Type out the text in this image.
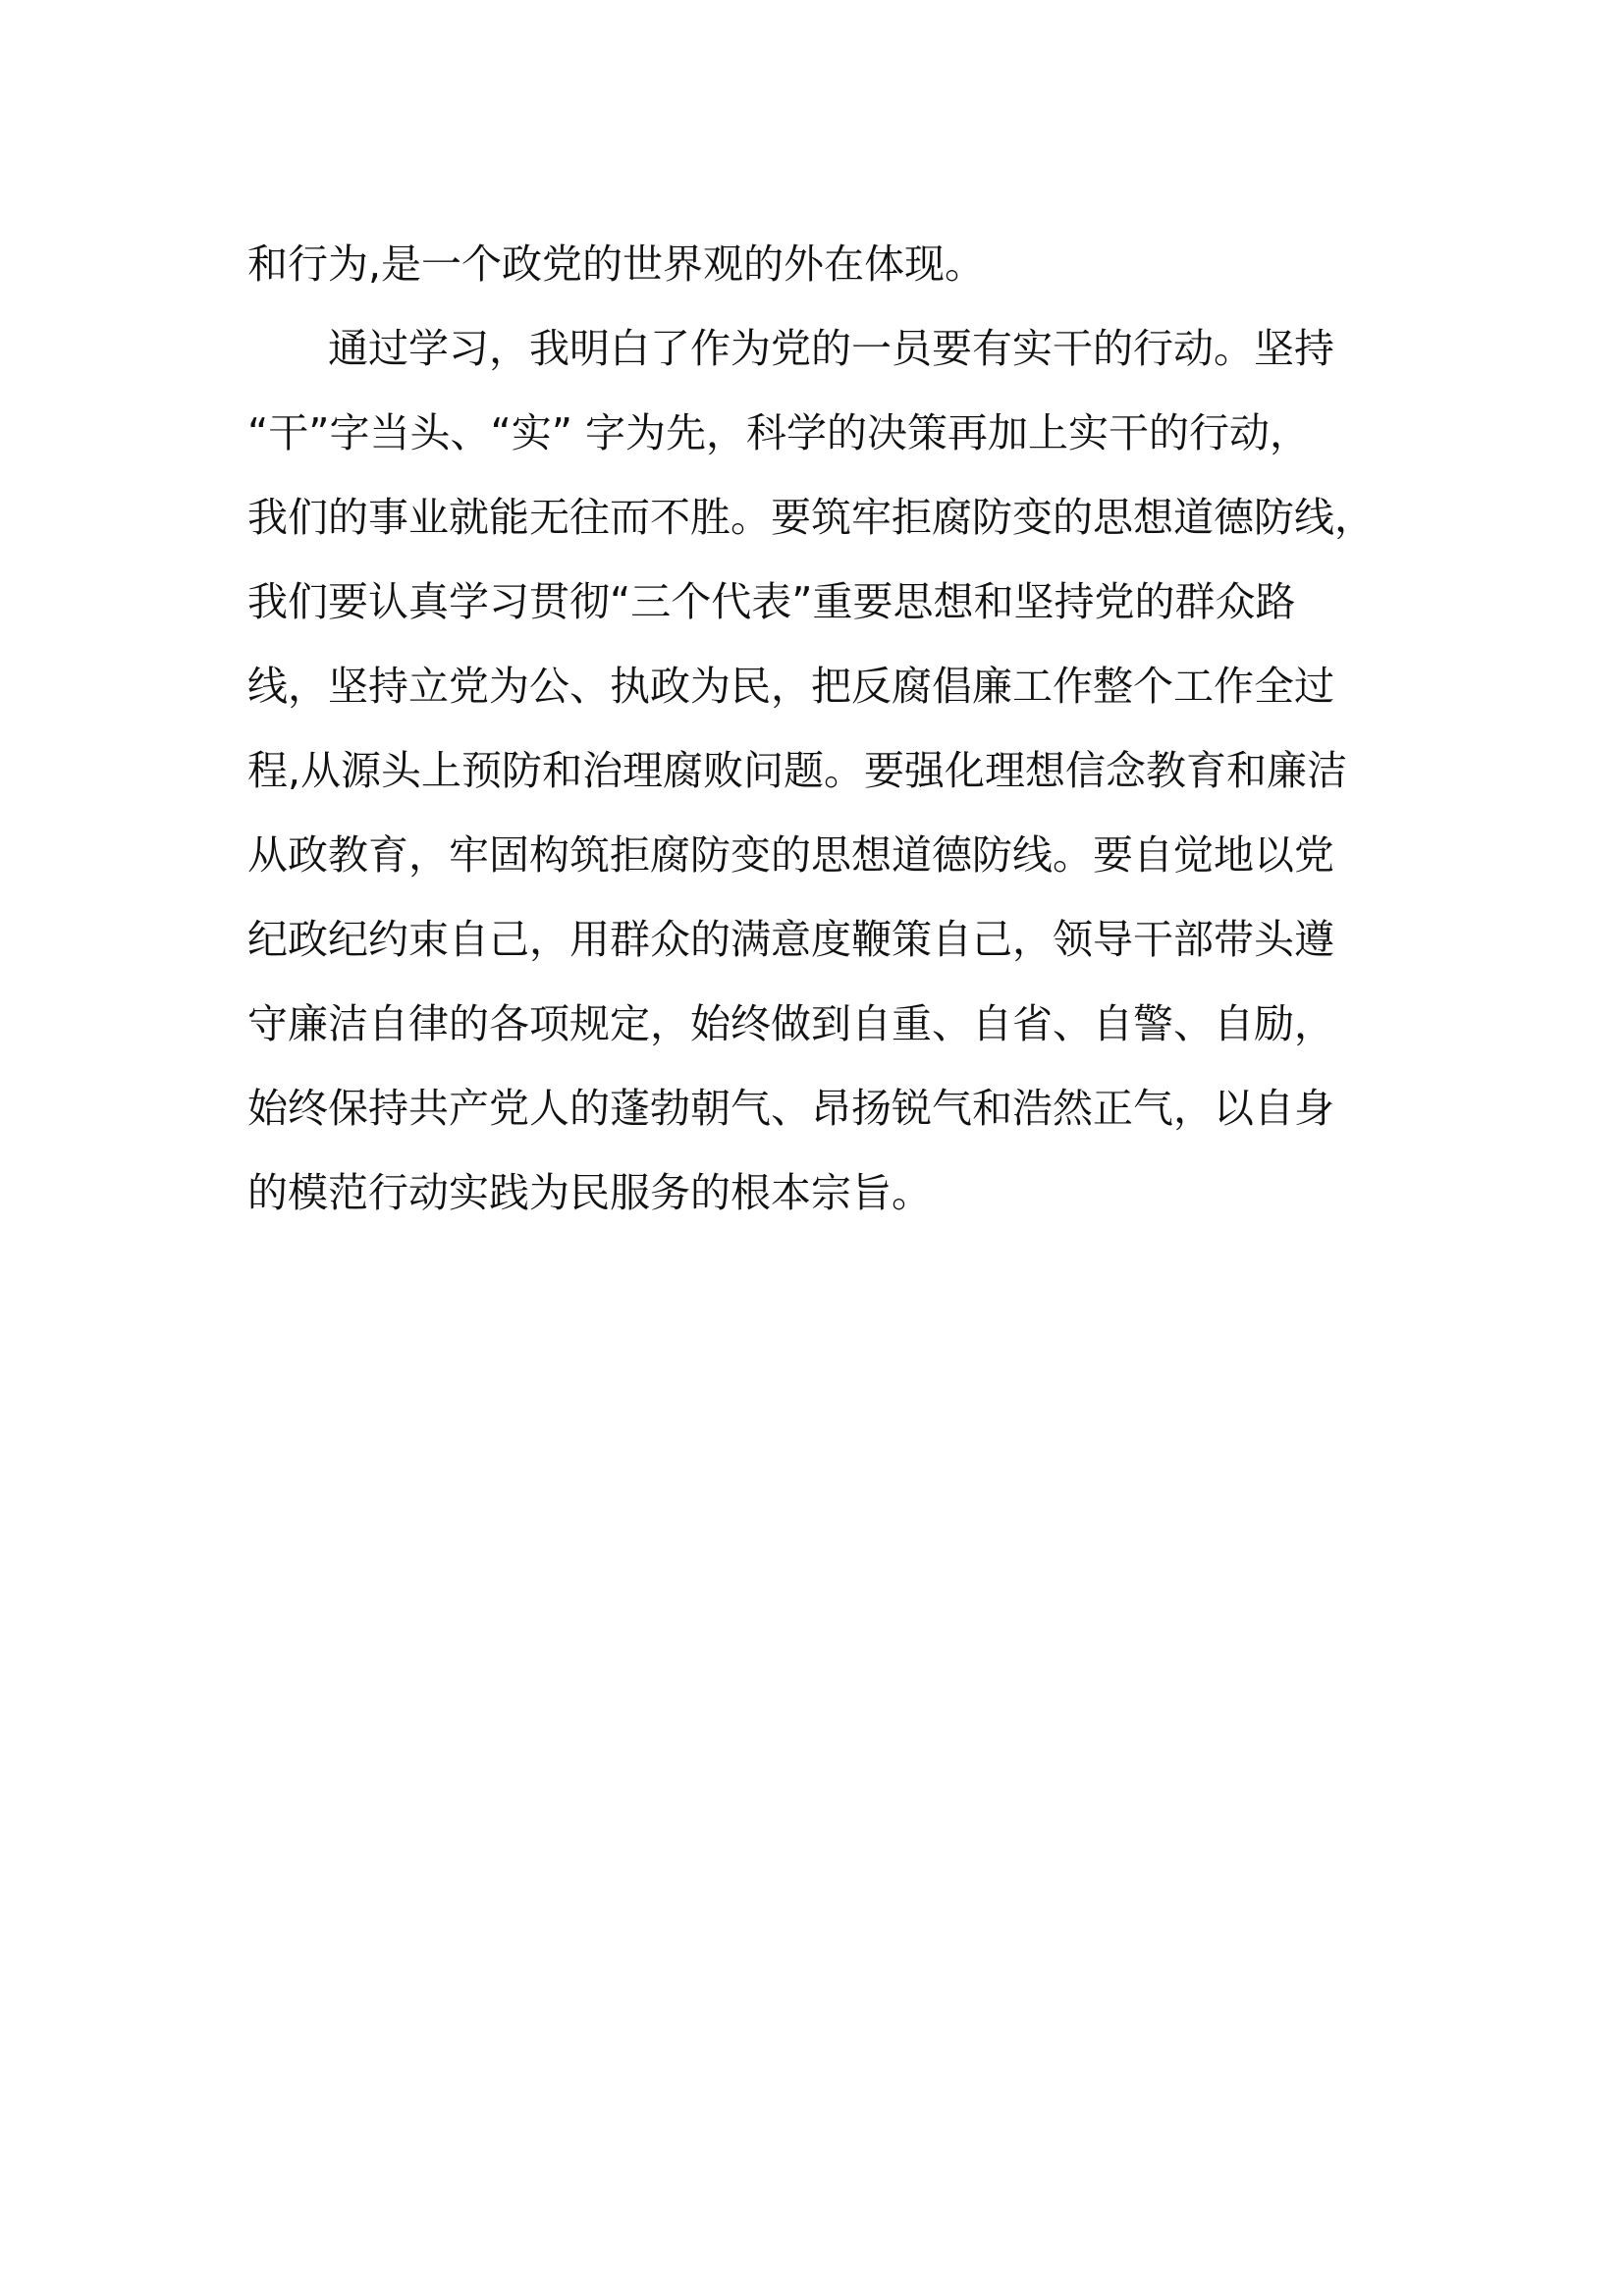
和行为,是一个政党的世界观的外在体现。
　　通过学习，我明白了作为党的一员要有实干的行动。坚持
“干”字当头、“实” 字为先，科学的决策再加上实干的行动，
我们的事业就能无往而不胜。要筑牢拒腐防变的思想道德防线，
我们要认真学习贯彻“三个代表”重要思想和坚持党的群众路
线，坚持立党为公、执政为民，把反腐倡廉工作整个工作全过
程,从源头上预防和治理腐败问题。要强化理想信念教育和廉洁
从政教育，牢固构筑拒腐防变的思想道德防线。要自觉地以党
纪政纪约束自己，用群众的满意度鞭策自己，领导干部带头遵
守廉洁自律的各项规定，始终做到自重、自省、自警、自励，
始终保持共产党人的蓬勃朝气、昂扬锐气和浩然正气，以自身
的模范行动实践为民服务的根本宗旨。
